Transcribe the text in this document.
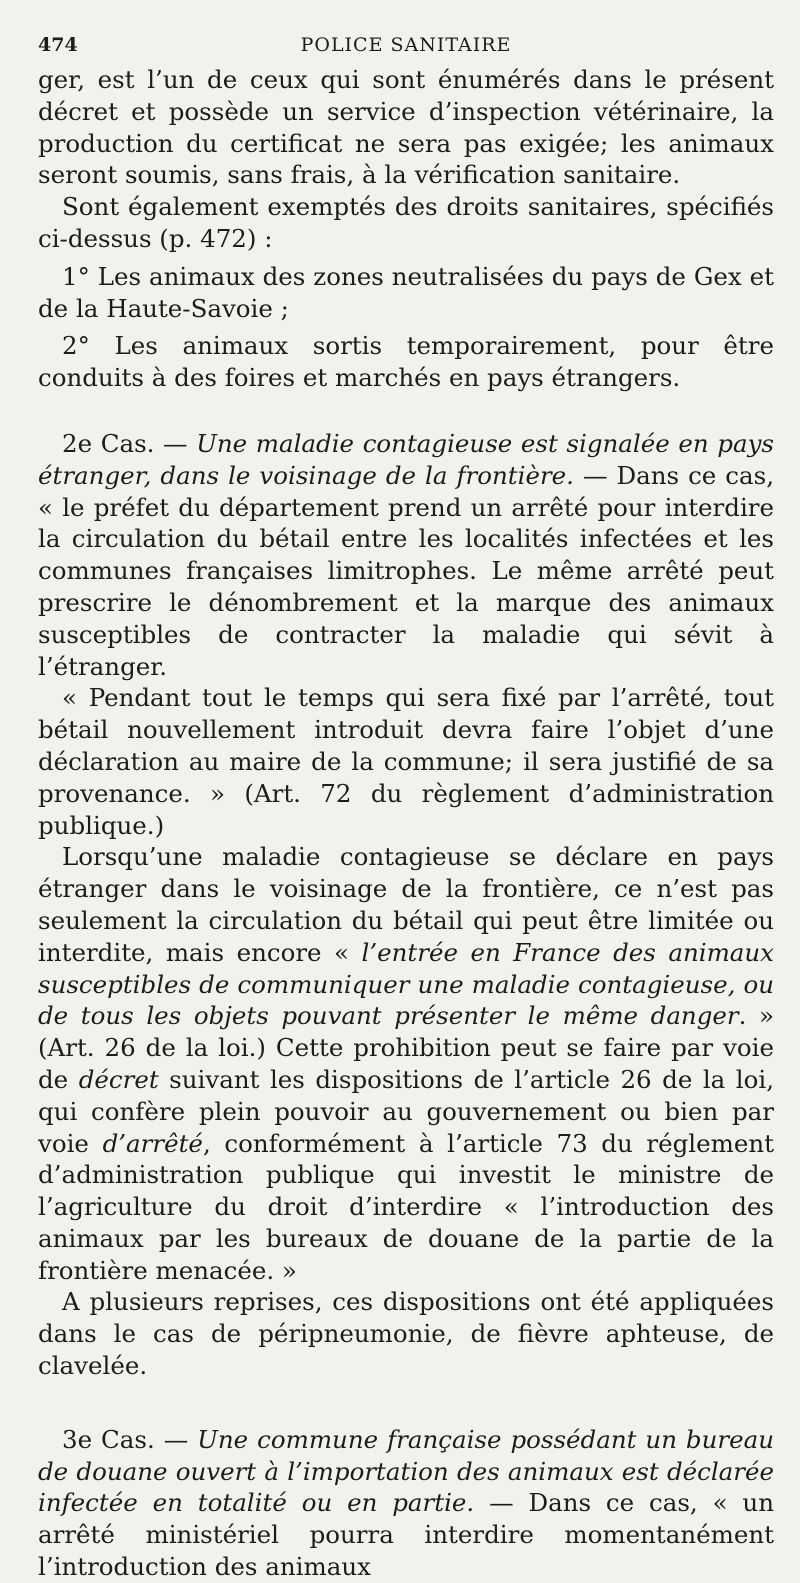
474	POLICE SANITAIRE

ger, est l’un de ceux qui sont énumérés dans le présent décret et possède un service d’inspection vétérinaire, la production du certificat ne sera pas exigée; les animaux seront soumis, sans frais, à la vérification sanitaire.

Sont également exemptés des droits sanitaires, spécifiés ci-dessus (p. 472) :

1° Les animaux des zones neutralisées du pays de Gex et de la Haute-Savoie ;

2° Les animaux sortis temporairement, pour être conduits à des foires et marchés en pays étrangers.

2e Cas. — Une maladie contagieuse est signalée en pays étranger, dans le voisinage de la frontière. — Dans ce cas, « le préfet du département prend un arrêté pour interdire la circulation du bétail entre les localités infectées et les communes françaises limitrophes. Le même arrêté peut prescrire le dénombrement et la marque des animaux susceptibles de contracter la maladie qui sévit à l’étranger.

« Pendant tout le temps qui sera fixé par l’arrêté, tout bétail nouvellement introduit devra faire l’objet d’une déclaration au maire de la commune; il sera justifié de sa provenance. » (Art. 72 du règlement d’administration publique.)

Lorsqu’une maladie contagieuse se déclare en pays étranger dans le voisinage de la frontière, ce n’est pas seulement la circulation du bétail qui peut être limitée ou interdite, mais encore « l’entrée en France des animaux susceptibles de communiquer une maladie contagieuse, ou de tous les objets pouvant présenter le même danger. » (Art. 26 de la loi.) Cette prohibition peut se faire par voie de décret suivant les dispositions de l’article 26 de la loi, qui confère plein pouvoir au gouvernement ou bien par voie d’arrêté, conformément à l’article 73 du réglement d’administration publique qui investit le ministre de l’agriculture du droit d’interdire « l’introduction des animaux par les bureaux de douane de la partie de la frontière menacée. »

A plusieurs reprises, ces dispositions ont été appliquées dans le cas de péripneumonie, de fièvre aphteuse, de clavelée.

3e Cas. — Une commune française possédant un bureau de douane ouvert à l’importation des animaux est déclarée infectée en totalité ou en partie. — Dans ce cas, « un arrêté ministériel pourra interdire momentanément l’introduction des animaux
